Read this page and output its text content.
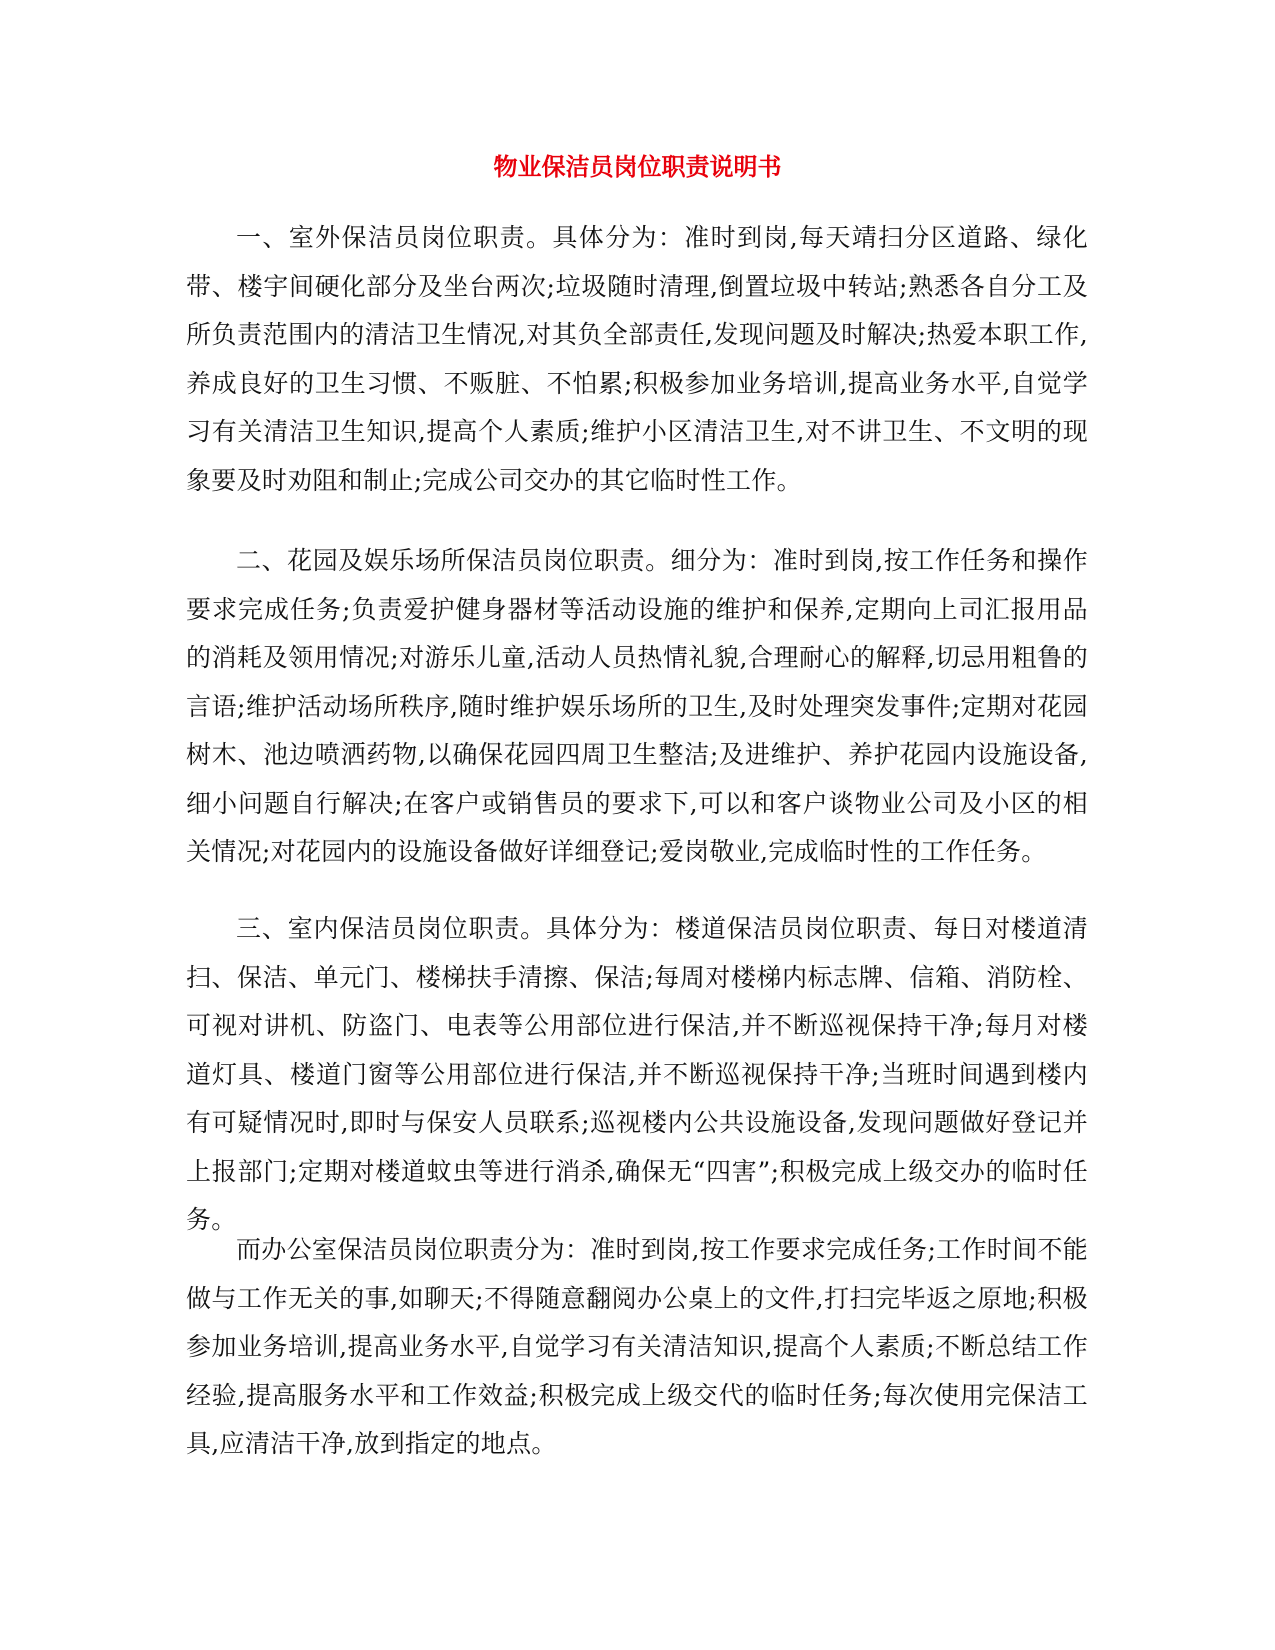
物业保洁员岗位职责说明书

一、室外保洁员岗位职责。具体分为：准时到岗,每天靖扫分区道路、绿化带、楼宇间硬化部分及坐台两次;垃圾随时清理,倒置垃圾中转站;熟悉各自分工及所负责范围内的清洁卫生情况,对其负全部责任,发现问题及时解决;热爱本职工作,养成良好的卫生习惯、不贩脏、不怕累;积极参加业务培训,提高业务水平,自觉学习有关清洁卫生知识,提高个人素质;维护小区清洁卫生,对不讲卫生、不文明的现象要及时劝阻和制止;完成公司交办的其它临时性工作。

二、花园及娱乐场所保洁员岗位职责。细分为：准时到岗,按工作任务和操作要求完成任务;负责爱护健身器材等活动设施的维护和保养,定期向上司汇报用品的消耗及领用情况;对游乐儿童,活动人员热情礼貌,合理耐心的解释,切忌用粗鲁的言语;维护活动场所秩序,随时维护娱乐场所的卫生,及时处理突发事件;定期对花园树木、池边喷洒药物,以确保花园四周卫生整洁;及进维护、养护花园内设施设备,细小问题自行解决;在客户或销售员的要求下,可以和客户谈物业公司及小区的相关情况;对花园内的设施设备做好详细登记;爱岗敬业,完成临时性的工作任务。

三、室内保洁员岗位职责。具体分为：楼道保洁员岗位职责、每日对楼道清扫、保洁、单元门、楼梯扶手清擦、保洁;每周对楼梯内标志牌、信箱、消防栓、可视对讲机、防盗门、电表等公用部位进行保洁,并不断巡视保持干净;每月对楼道灯具、楼道门窗等公用部位进行保洁,并不断巡视保持干净;当班时间遇到楼内有可疑情况时,即时与保安人员联系;巡视楼内公共设施设备,发现问题做好登记并上报部门;定期对楼道蚊虫等进行消杀,确保无“四害”;积极完成上级交办的临时任务。

而办公室保洁员岗位职责分为：准时到岗,按工作要求完成任务;工作时间不能做与工作无关的事,如聊天;不得随意翻阅办公桌上的文件,打扫完毕返之原地;积极参加业务培训,提高业务水平,自觉学习有关清洁知识,提高个人素质;不断总结工作经验,提高服务水平和工作效益;积极完成上级交代的临时任务;每次使用完保洁工具,应清洁干净,放到指定的地点。
